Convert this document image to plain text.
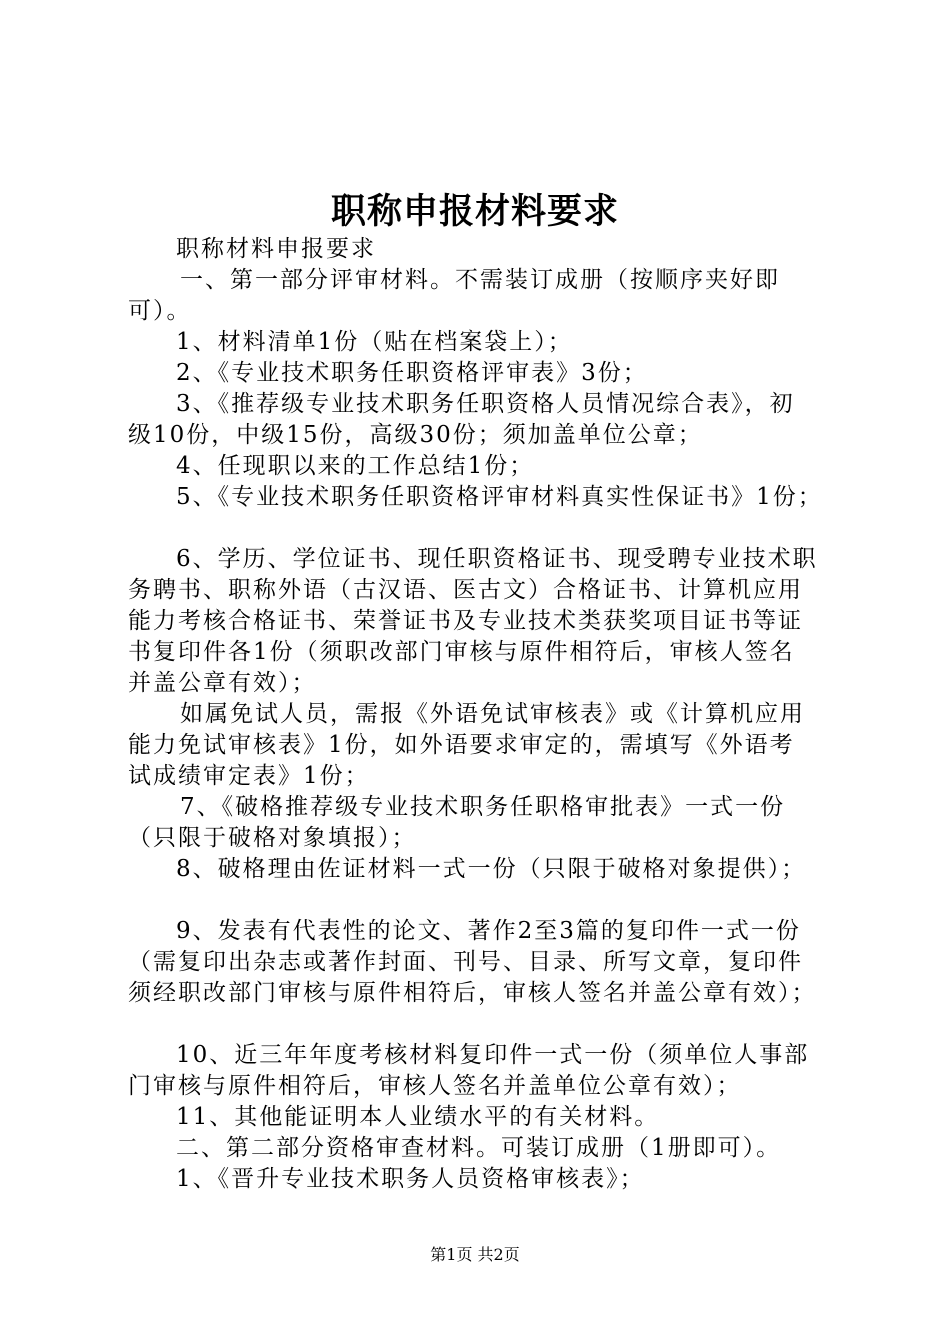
职称申报材料要求

职称材料申报要求

一、第一部分评审材料。不需装订成册（按顺序夹好即

可）。

1、材料清单1份（贴在档案袋上）；

2、《专业技术职务任职资格评审表》3份；

3、《推荐级专业技术职务任职资格人员情况综合表》，初

级10份，中级15份，高级30份；须加盖单位公章；

4、任现职以来的工作总结1份；

5、《专业技术职务任职资格评审材料真实性保证书》1份；

6、学历、学位证书、现任职资格证书、现受聘专业技术职

务聘书、职称外语（古汉语、医古文）合格证书、计算机应用

能力考核合格证书、荣誉证书及专业技术类获奖项目证书等证

书复印件各1份（须职改部门审核与原件相符后，审核人签名

并盖公章有效）；

如属免试人员，需报《外语免试审核表》或《计算机应用

能力免试审核表》1份，如外语要求审定的，需填写《外语考

试成绩审定表》1份；

7、《破格推荐级专业技术职务任职格审批表》一式一份

（只限于破格对象填报）；

8、破格理由佐证材料一式一份（只限于破格对象提供）；

9、发表有代表性的论文、著作2至3篇的复印件一式一份

（需复印出杂志或著作封面、刊号、目录、所写文章，复印件

须经职改部门审核与原件相符后，审核人签名并盖公章有效）；

10、近三年年度考核材料复印件一式一份（须单位人事部

门审核与原件相符后，审核人签名并盖单位公章有效）；

11、其他能证明本人业绩水平的有关材料。

二、第二部分资格审查材料。可装订成册（1册即可）。

1、《晋升专业技术职务人员资格审核表》；

第1页 共2页
